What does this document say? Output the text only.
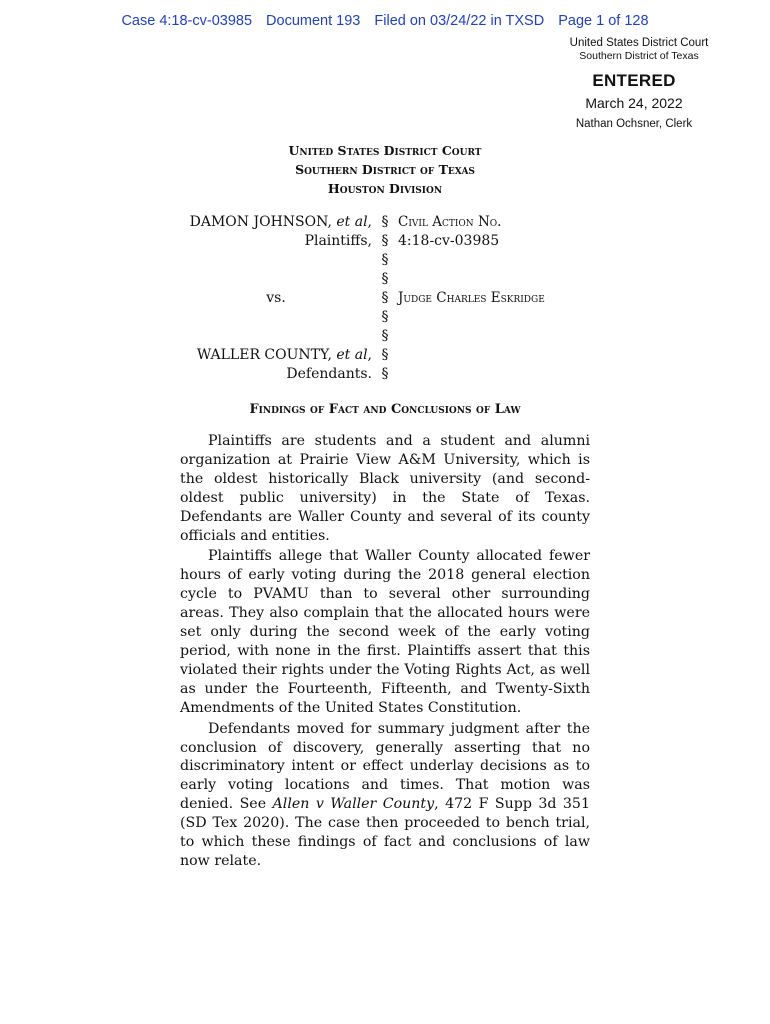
Case 4:18-cv-03985 Document 193 Filed on 03/24/22 in TXSD Page 1 of 128
United States District Court
Southern District of Texas
ENTERED
March 24, 2022
Nathan Ochsner, Clerk
United States District Court
Southern District of Texas
Houston Division
DAMON JOHNSON, et al, § Civil Action No.
Plaintiffs, § 4:18-cv-03985
§
§
vs.	§ Judge Charles Eskridge
§
§
WALLER COUNTY, et al, §
Defendants. §
Findings of Fact and Conclusions of Law

Plaintiffs are students and a student and alumni organization at Prairie View A&M University, which is the oldest historically Black university (and second-oldest public university) in the State of Texas. Defendants are Waller County and several of its county officials and entities.

Plaintiffs allege that Waller County allocated fewer hours of early voting during the 2018 general election cycle to PVAMU than to several other surrounding areas. They also complain that the allocated hours were set only during the second week of the early voting period, with none in the first. Plaintiffs assert that this violated their rights under the Voting Rights Act, as well as under the Fourteenth, Fifteenth, and Twenty-Sixth Amendments of the United States Constitution.

Defendants moved for summary judgment after the conclusion of discovery, generally asserting that no discriminatory intent or effect underlay decisions as to early voting locations and times. That motion was denied. See Allen v Waller County, 472 F Supp 3d 351 (SD Tex 2020). The case then proceeded to bench trial, to which these findings of fact and conclusions of law now relate.
